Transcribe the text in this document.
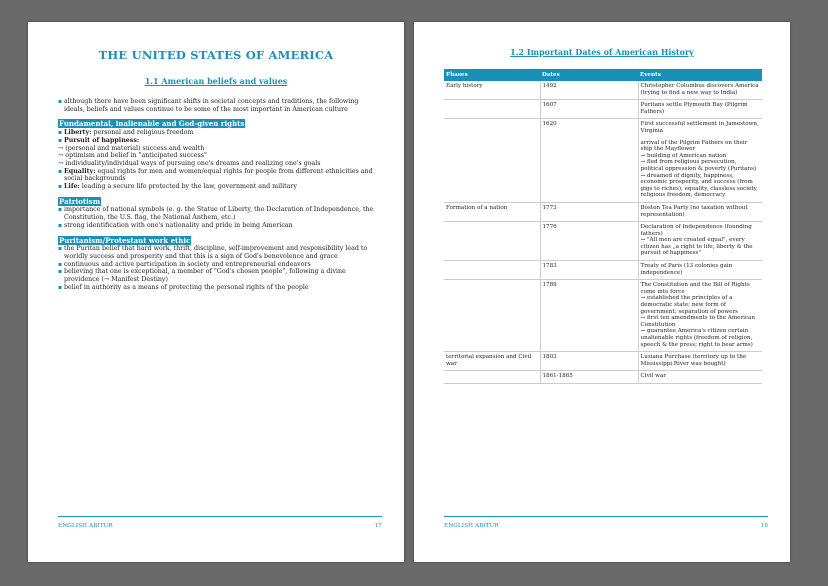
THE UNITED STATES OF AMERICA
1.1 American beliefs and values
▪ although there have been significant shifts in societal concepts and traditions, the following ideals, beliefs and values continue to be some of the most important in American culture
Fundamental, inalienable and God-given rights
▪ Liberty: personal and religious freedom
▪ Pursuit of happiness:
→ (personal and material) success and wealth
→ optimism and belief in "anticipated success"
→ individuality/individual ways of pursuing one's dreams and realizing one's goals
▪ Equality: equal rights for men and women/equal rights for people from different ethnicities and social backgrounds
▪ Life: leading a secure life protected by the law, government and military
Patriotism
▪ importance of national symbols (e. g. the Statue of Liberty, the Declaration of Independence, the Constitution, the U.S. flag, the National Anthem, etc.)
▪ strong identification with one's nationality and pride in being American
Puritanism/Protestant work ethic
▪ the Puritan belief that hard work, thrift, discipline, self-improvement and responsibility lead to worldly success and prosperity and that this is a sign of God's benevolence and grace
▪ continuous and active participation in society and entrepreneurial endeavors
▪ believing that one is exceptional, a member of "God's chosen people", following a divine providence (→ Manifest Destiny)
▪ belief in authority as a means of protecting the personal rights of the people
ENGLISH ABITUR	17
1.2 Important Dates of American History
Phases	Dates	Events
Early history	1492	Christopher Columbus discovers America (trying to find a new way to India)

	1607	Puritans settle Plymouth Bay (Pilgrim Fathers)

	1620	First successful settlement in Jamestown, Virginia
arrival of the Pilgrim Fathers on their ship the Mayflower
→ building of American nation
→ fled from religious persecution, political oppression & poverty (Puritans)
→ dreamed of dignity, happiness, economic prosperity, and success (from gigs to riches), equality, classless society, religious freedom, democracy

Formation of a nation	1773	Boston Tea Party (no taxation without representation)

	1776	Declaration of Independence (founding fathers)
→ "All men are created equal", every citizen has „a right to life, liberty & the pursuit of happiness"

	1783	Treaty of Paris (13 colonies gain independence)

	1789	The Constitution and the Bill of Rights come into force
→ established the principles of a democratic state; new form of government; separation of powers
→ first ten amendments to the American Constitution
→ guarantee America's citizen certain unalienable rights (freedom of religion, speech & the press; right to bear arms)

territorial expansion and Civil war	1803	Lusiana Purchase (territory up to the Mississippi River was bought)

	1861-1865	Civil war
ENGLISH ABITUR	18
